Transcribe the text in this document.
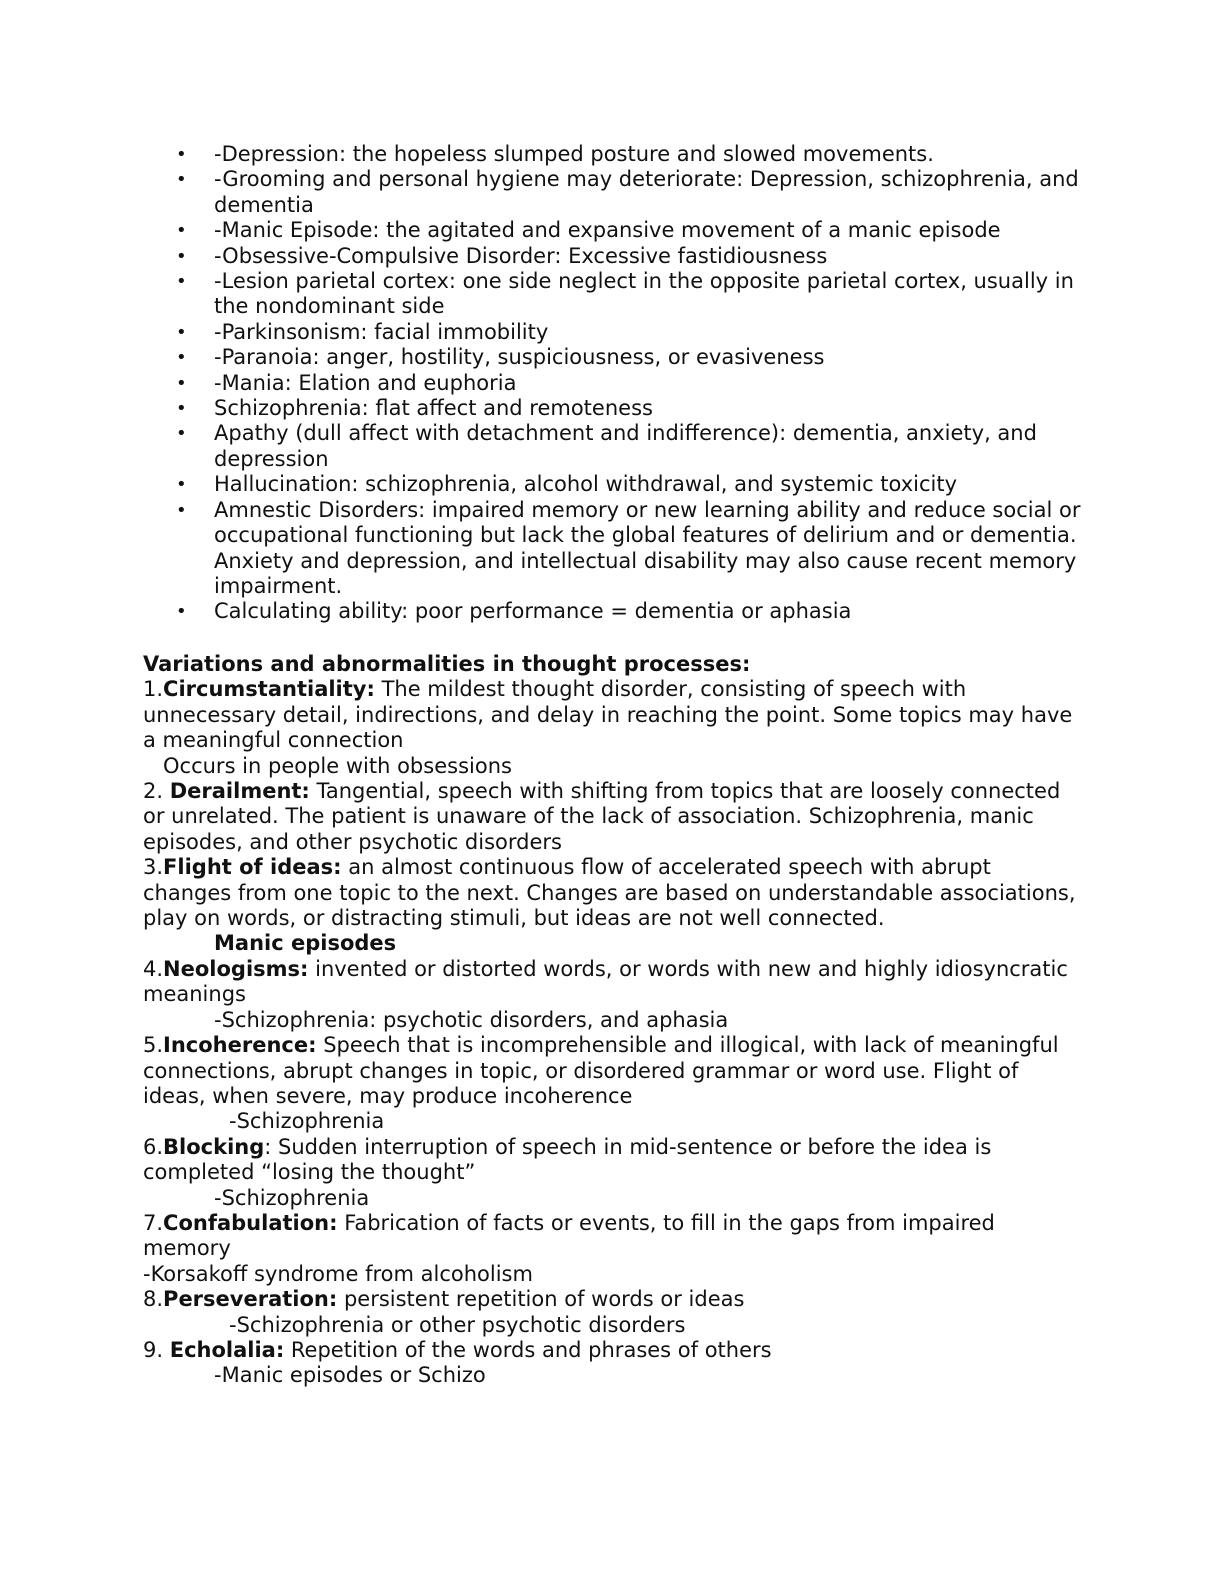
• -Depression: the hopeless slumped posture and slowed movements.
• -Grooming and personal hygiene may deteriorate: Depression, schizophrenia, and dementia
• -Manic Episode: the agitated and expansive movement of a manic episode
• -Obsessive-Compulsive Disorder: Excessive fastidiousness
• -Lesion parietal cortex: one side neglect in the opposite parietal cortex, usually in the nondominant side
• -Parkinsonism: facial immobility
• -Paranoia: anger, hostility, suspiciousness, or evasiveness
• -Mania: Elation and euphoria
• Schizophrenia: flat affect and remoteness
• Apathy (dull affect with detachment and indifference): dementia, anxiety, and depression
• Hallucination: schizophrenia, alcohol withdrawal, and systemic toxicity
• Amnestic Disorders: impaired memory or new learning ability and reduce social or occupational functioning but lack the global features of delirium and or dementia. Anxiety and depression, and intellectual disability may also cause recent memory impairment.
• Calculating ability: poor performance = dementia or aphasia
Variations and abnormalities in thought processes:
1.Circumstantiality: The mildest thought disorder, consisting of speech with unnecessary detail, indirections, and delay in reaching the point. Some topics may have a meaningful connection
Occurs in people with obsessions
2. Derailment: Tangential, speech with shifting from topics that are loosely connected or unrelated. The patient is unaware of the lack of association. Schizophrenia, manic episodes, and other psychotic disorders
3.Flight of ideas: an almost continuous flow of accelerated speech with abrupt changes from one topic to the next. Changes are based on understandable associations, play on words, or distracting stimuli, but ideas are not well connected.
Manic episodes
4.Neologisms: invented or distorted words, or words with new and highly idiosyncratic meanings
-Schizophrenia: psychotic disorders, and aphasia
5.Incoherence: Speech that is incomprehensible and illogical, with lack of meaningful connections, abrupt changes in topic, or disordered grammar or word use. Flight of ideas, when severe, may produce incoherence
-Schizophrenia
6.Blocking: Sudden interruption of speech in mid-sentence or before the idea is completed “losing the thought”
-Schizophrenia
7.Confabulation: Fabrication of facts or events, to fill in the gaps from impaired memory
-Korsakoff syndrome from alcoholism
8.Perseveration: persistent repetition of words or ideas
-Schizophrenia or other psychotic disorders
9. Echolalia: Repetition of the words and phrases of others
-Manic episodes or Schizo
